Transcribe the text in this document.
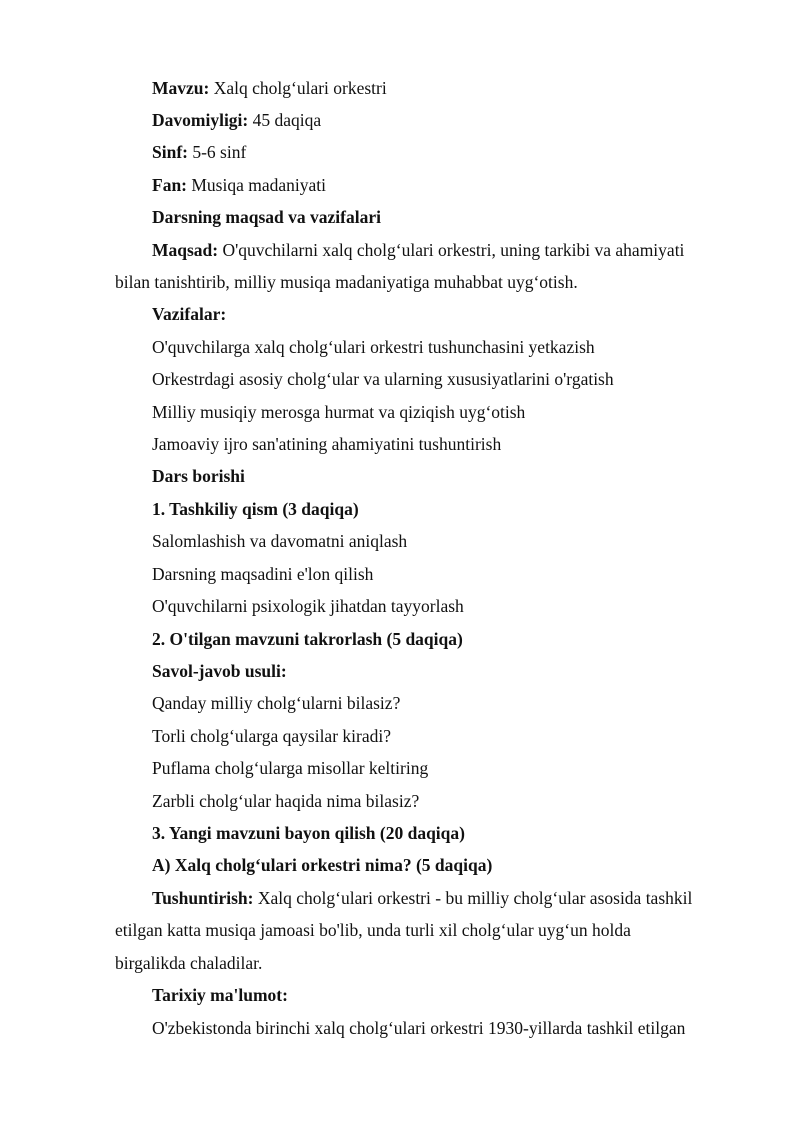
Mavzu: Xalq cholg‘ulari orkestri
Davomiyligi: 45 daqiqa
Sinf: 5-6 sinf
Fan: Musiqa madaniyati
Darsning maqsad va vazifalari
Maqsad: O'quvchilarni xalq cholg‘ulari orkestri, uning tarkibi va ahamiyati
bilan tanishtirib, milliy musiqa madaniyatiga muhabbat uyg‘otish.
Vazifalar:
O'quvchilarga xalq cholg‘ulari orkestri tushunchasini yetkazish
Orkestrdagi asosiy cholg‘ular va ularning xususiyatlarini o'rgatish
Milliy musiqiy merosga hurmat va qiziqish uyg‘otish
Jamoaviy ijro san'atining ahamiyatini tushuntirish
Dars borishi
1. Tashkiliy qism (3 daqiqa)
Salomlashish va davomatni aniqlash
Darsning maqsadini e'lon qilish
O'quvchilarni psixologik jihatdan tayyorlash
2. O'tilgan mavzuni takrorlash (5 daqiqa)
Savol-javob usuli:
Qanday milliy cholg‘ularni bilasiz?
Torli cholg‘ularga qaysilar kiradi?
Puflama cholg‘ularga misollar keltiring
Zarbli cholg‘ular haqida nima bilasiz?
3. Yangi mavzuni bayon qilish (20 daqiqa)
A) Xalq cholg‘ulari orkestri nima? (5 daqiqa)
Tushuntirish: Xalq cholg‘ulari orkestri - bu milliy cholg‘ular asosida tashkil
etilgan katta musiqa jamoasi bo'lib, unda turli xil cholg‘ular uyg‘un holda
birgalikda chaladilar.
Tarixiy ma'lumot:
O'zbekistonda birinchi xalq cholg‘ulari orkestri 1930-yillarda tashkil etilgan
